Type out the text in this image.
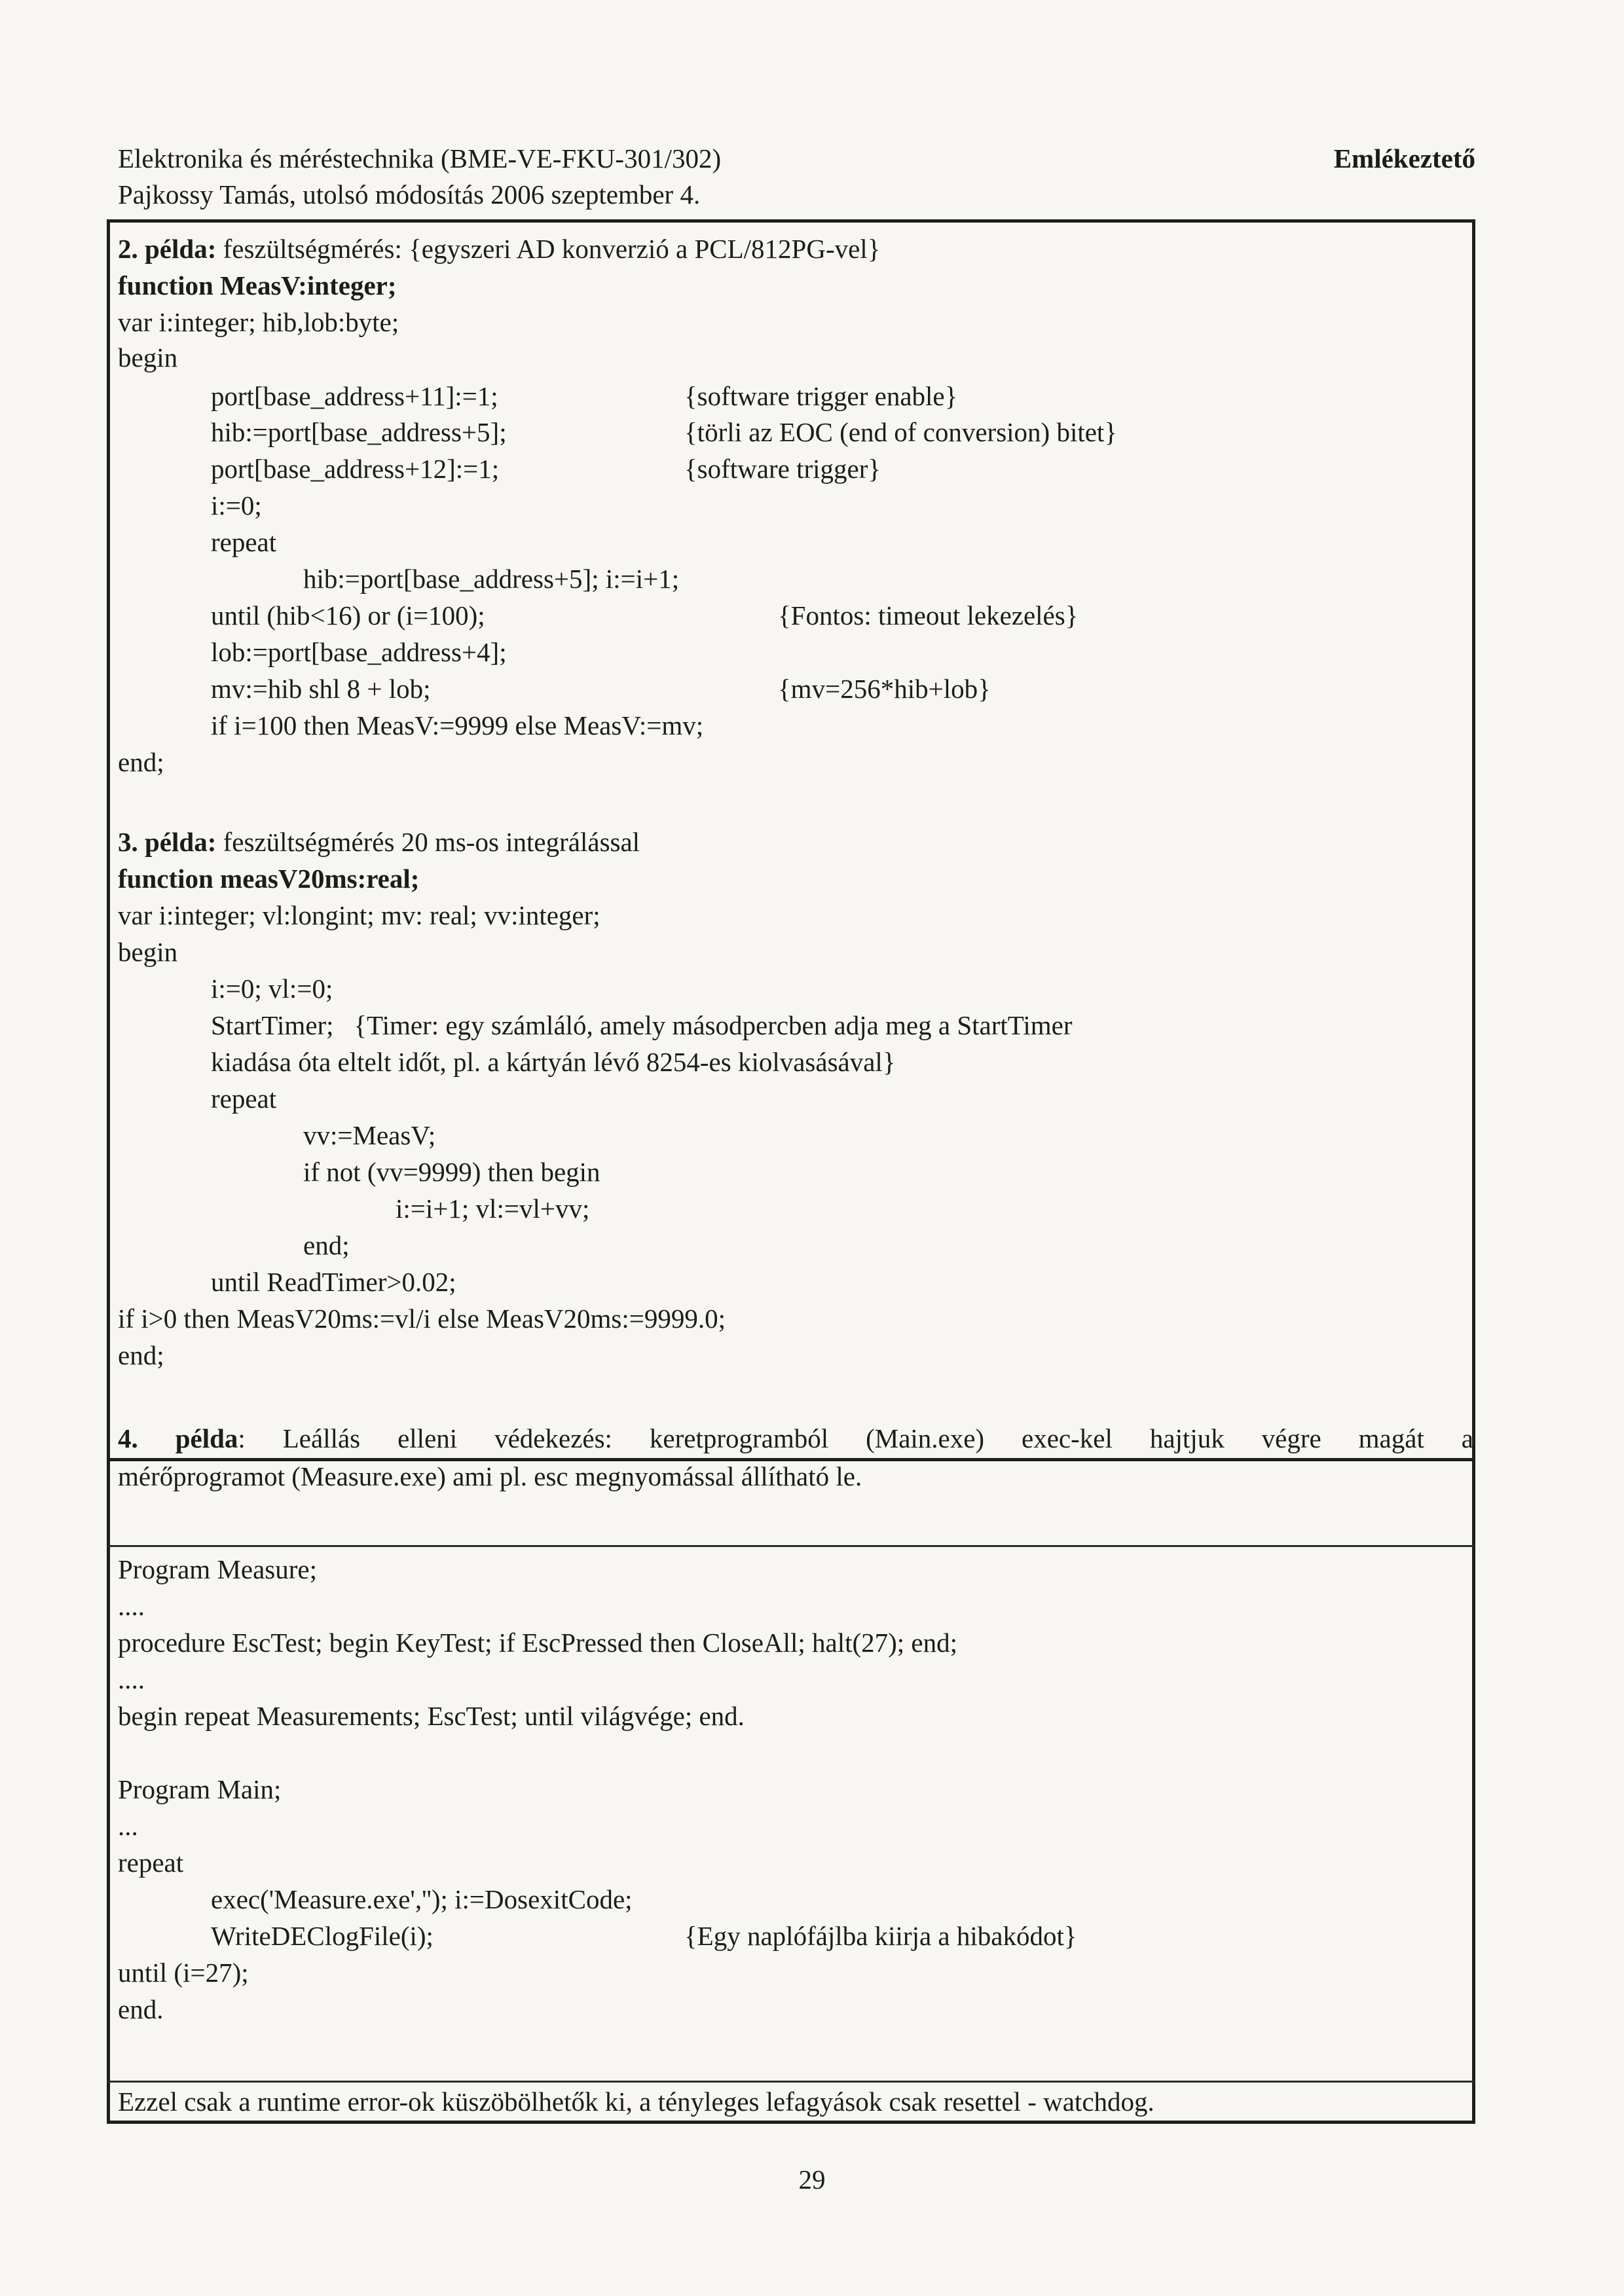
Elektronika és méréstechnika (BME-VE-FKU-301/302)
Pajkossy Tamás, utolsó módosítás 2006 szeptember 4.
Emlékeztető
2. példa: feszültségmérés: {egyszeri AD konverzió a PCL/812PG-vel}
function MeasV:integer;
var i:integer; hib,lob:byte;
begin
port[base_address+11]:=1;	{software trigger enable}
hib:=port[base_address+5];	{törli az EOC (end of conversion) bitet}
port[base_address+12]:=1;	{software trigger}
i:=0;
repeat
hib:=port[base_address+5]; i:=i+1;
until (hib<16) or (i=100);	{Fontos: timeout lekezelés}
lob:=port[base_address+4];
mv:=hib shl 8 + lob;	{mv=256*hib+lob}
if i=100 then MeasV:=9999 else MeasV:=mv;
end;
3. példa: feszültségmérés 20 ms-os integrálással
function measV20ms:real;
var i:integer; vl:longint; mv: real; vv:integer;
begin
i:=0; vl:=0;
StartTimer;   {Timer: egy számláló, amely másodpercben adja meg a StartTimer
kiadása óta eltelt időt, pl. a kártyán lévő 8254-es kiolvasásával}
repeat
vv:=MeasV;
if not (vv=9999) then begin
i:=i+1; vl:=vl+vv;
end;
until ReadTimer>0.02;
if i>0 then MeasV20ms:=vl/i else MeasV20ms:=9999.0;
end;
4. példa: Leállás elleni védekezés: keretprogramból (Main.exe) exec-kel hajtjuk végre magát a
mérőprogramot (Measure.exe) ami pl. esc megnyomással állítható le.
Program Measure;
....
procedure EscTest; begin KeyTest; if EscPressed then CloseAll; halt(27); end;
....
begin repeat Measurements; EscTest; until világvége; end.
Program Main;
...
repeat
exec('Measure.exe',''); i:=DosexitCode;
WriteDEClogFile(i);	{Egy naplófájlba kiirja a hibakódot}
until (i=27);
end.
Ezzel csak a runtime error-ok küszöbölhetők ki, a tényleges lefagyások csak resettel - watchdog.
29
